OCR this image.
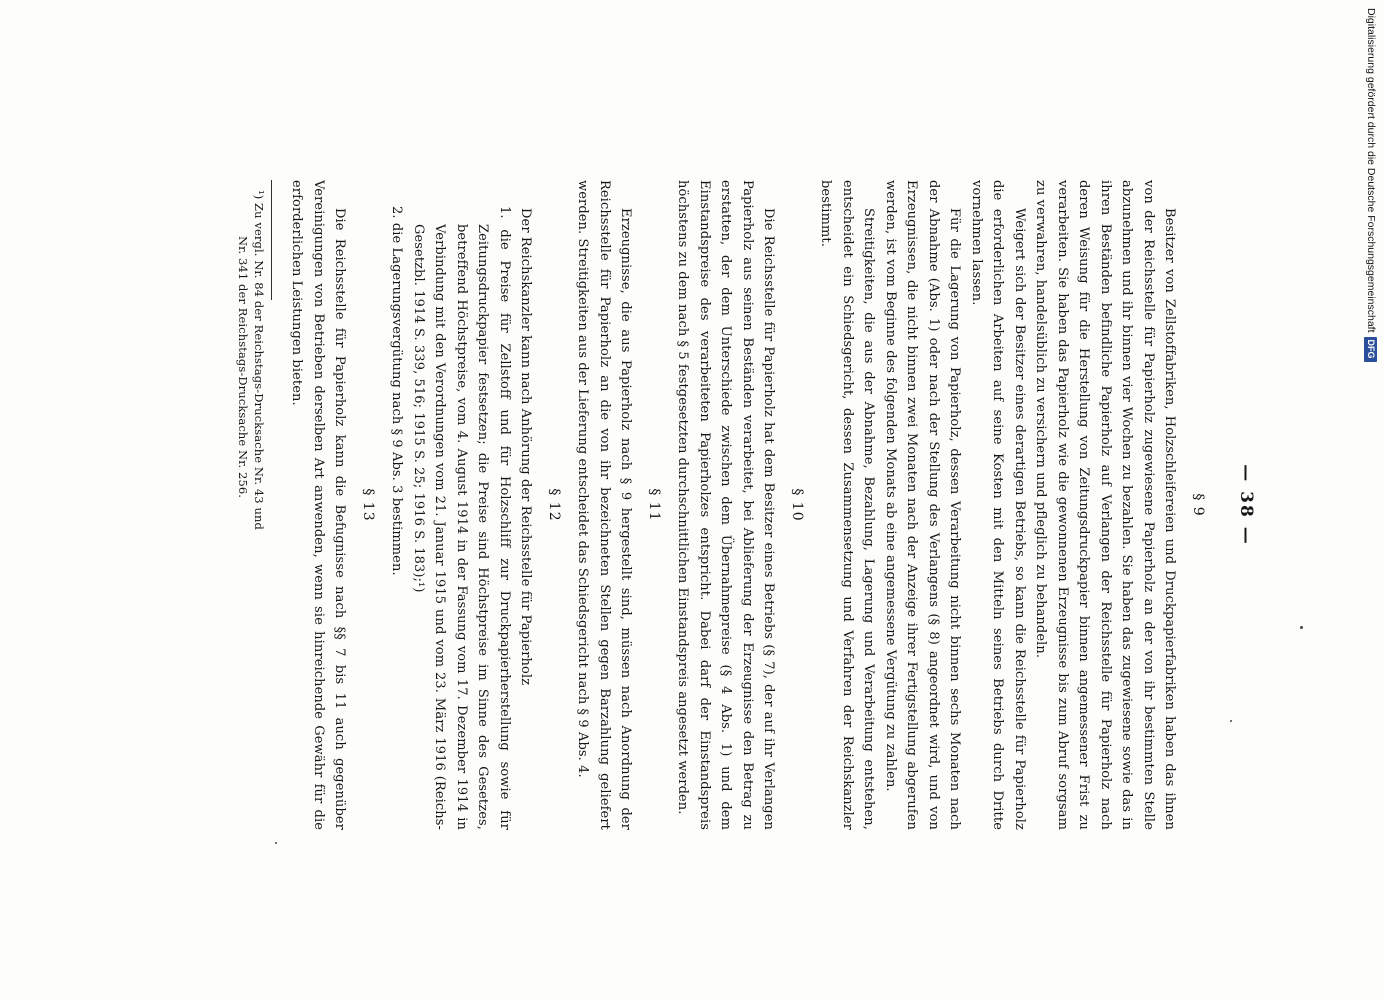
— 38 —
§ 9

Besitzer von Zellstoffabriken, Holzschleifereien und Druckpapierfabriken haben das ihnen von der Reichsstelle für Papierholz zugewiesene Papierholz an der von ihr bestimmten Stelle abzunehmen und ihr binnen vier Wochen zu bezahlen. Sie haben das zugewiesene sowie das in ihren Beständen befindliche Papierholz auf Verlangen der Reichsstelle für Papierholz nach deren Weisung für die Herstellung von Zeitungsdruckpapier binnen angemessener Frist zu verarbeiten. Sie haben das Papierholz wie die gewonnenen Erzeugnisse bis zum Abruf sorgsam zu verwahren, handelsüblich zu versichern und pfleglich zu behandeln.

Weigert sich der Besitzer eines derartigen Betriebs, so kann die Reichsstelle für Papierholz die erforderlichen Arbeiten auf seine Kosten mit den Mitteln seines Betriebs durch Dritte vornehmen lassen.

Für die Lagerung von Papierholz, dessen Verarbeitung nicht binnen sechs Monaten nach der Abnahme (Abs. 1) oder nach der Stellung des Verlangens (§ 8) angeordnet wird, und von Erzeugnissen, die nicht binnen zwei Monaten nach der Anzeige ihrer Fertigstellung abgerufen werden, ist vom Beginne des folgenden Monats ab eine angemessene Vergütung zu zahlen.

Streitigkeiten, die aus der Abnahme, Bezahlung, Lagerung und Verarbeitung entstehen, entscheidet ein Schiedsgericht, dessen Zusammensetzung und Verfahren der Reichskanzler bestimmt.

§ 10

Die Reichsstelle für Papierholz hat dem Besitzer eines Betriebs (§ 7), der auf ihr Verlangen Papierholz aus seinen Beständen verarbeitet, bei Ablieferung der Erzeugnisse den Betrag zu erstatten, der dem Unterschiede zwischen dem Übernahmepreise (§ 4 Abs. 1) und dem Einstandspreise des verarbeiteten Papierholzes entspricht. Dabei darf der Einstandspreis höchstens zu dem nach § 5 festgesetzten durchschnittlichen Einstandspreis angesetzt werden.

§ 11

Erzeugnisse, die aus Papierholz nach § 9 hergestellt sind, müssen nach Anordnung der Reichsstelle für Papierholz an die von ihr bezeichneten Stellen gegen Barzahlung geliefert werden. Streitigkeiten aus der Lieferung entscheidet das Schiedsgericht nach § 9 Abs. 4.

§ 12

Der Reichskanzler kann nach Anhörung der Reichsstelle für Papierholz

1. die Preise für Zellstoff und für Holzschliff zur Druckpapierherstellung sowie für Zeitungsdruckpapier festsetzen; die Preise sind Höchstpreise im Sinne des Gesetzes, betreffend Höchstpreise, vom 4. August 1914 in der Fassung vom 17. Dezember 1914 in Verbindung mit den Verordnungen vom 21. Januar 1915 und vom 23. März 1916 (Reichs-Gesetzbl. 1914 S. 339, 516; 1915 S. 25; 1916 S. 183);¹)
2. die Lagerungsvergütung nach § 9 Abs. 3 bestimmen.
§ 13

Die Reichsstelle für Papierholz kann die Befugnisse nach §§ 7 bis 11 auch gegenüber Vereinigungen von Betrieben derselben Art anwenden, wenn sie hinreichende Gewähr für die erforderlichen Leistungen bieten.

¹) Zu vergl. Nr. 84 der Reichstags-Drucksache Nr. 43 und
Nr. 341 der Reichstags-Drucksache Nr. 256.

Digitalisierung gefördert durch die Deutsche Forschungsgemeinschaft
DFG
